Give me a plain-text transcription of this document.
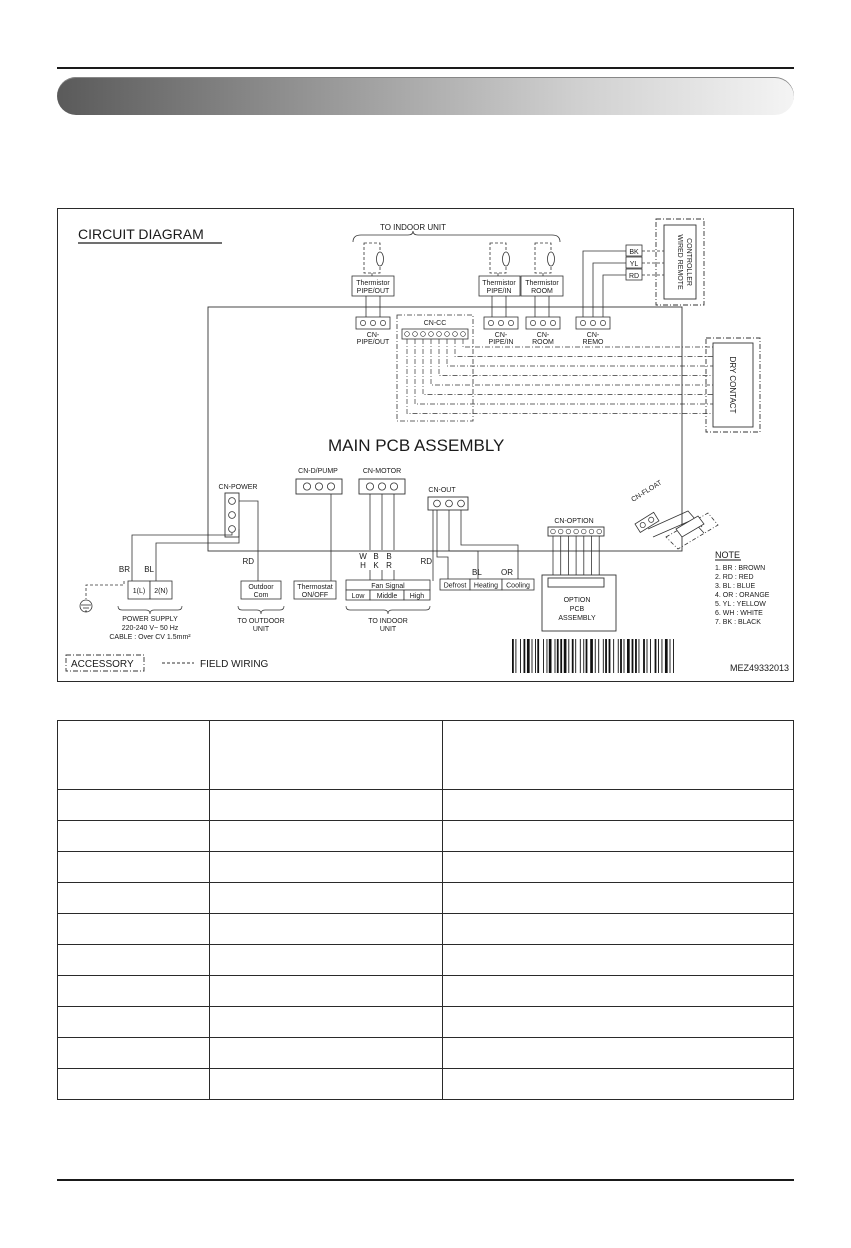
CIRCUIT DIAGRAM
MAIN PCB ASSEMBLY
TO INDOOR UNIT
Thermistor
PIPE/OUT
CN-
PIPE/OUT
Thermistor
PIPE/IN
CN-
PIPE/IN
Thermistor
ROOM
CN-
ROOM
CN-
REMO
BK
YL
RD	WIRED REMOTE CONTROLLER
CN-CC
DRY CONTACT
CN-POWER
BR BL
RD
1(L) 2(N)
POWER SUPPLY
220-240 V~ 50 Hz
CABLE : Over CV 1.5mm²
Outdoor
Com
TO OUTDOOR
UNIT
CN-D/PUMP
Thermostat
ON/OFF
CN-MOTOR
W
H
B
K
B
R
Fan Signal
Low Middle High
TO INDOOR
UNIT
CN-OUT
RD
BL OR
Defrost Heating Cooling
CN-OPTION
OPTION
PCB
ASSEMBLY
CN-FLOAT
NOTE
1. BR : BROWN
2. RD : RED
3. BL : BLUE
4. OR : ORANGE
5. YL : YELLOW
6. WH : WHITE
7. BK : BLACK
ACCESSORY	FIELD WIRING	MEZ49332013
